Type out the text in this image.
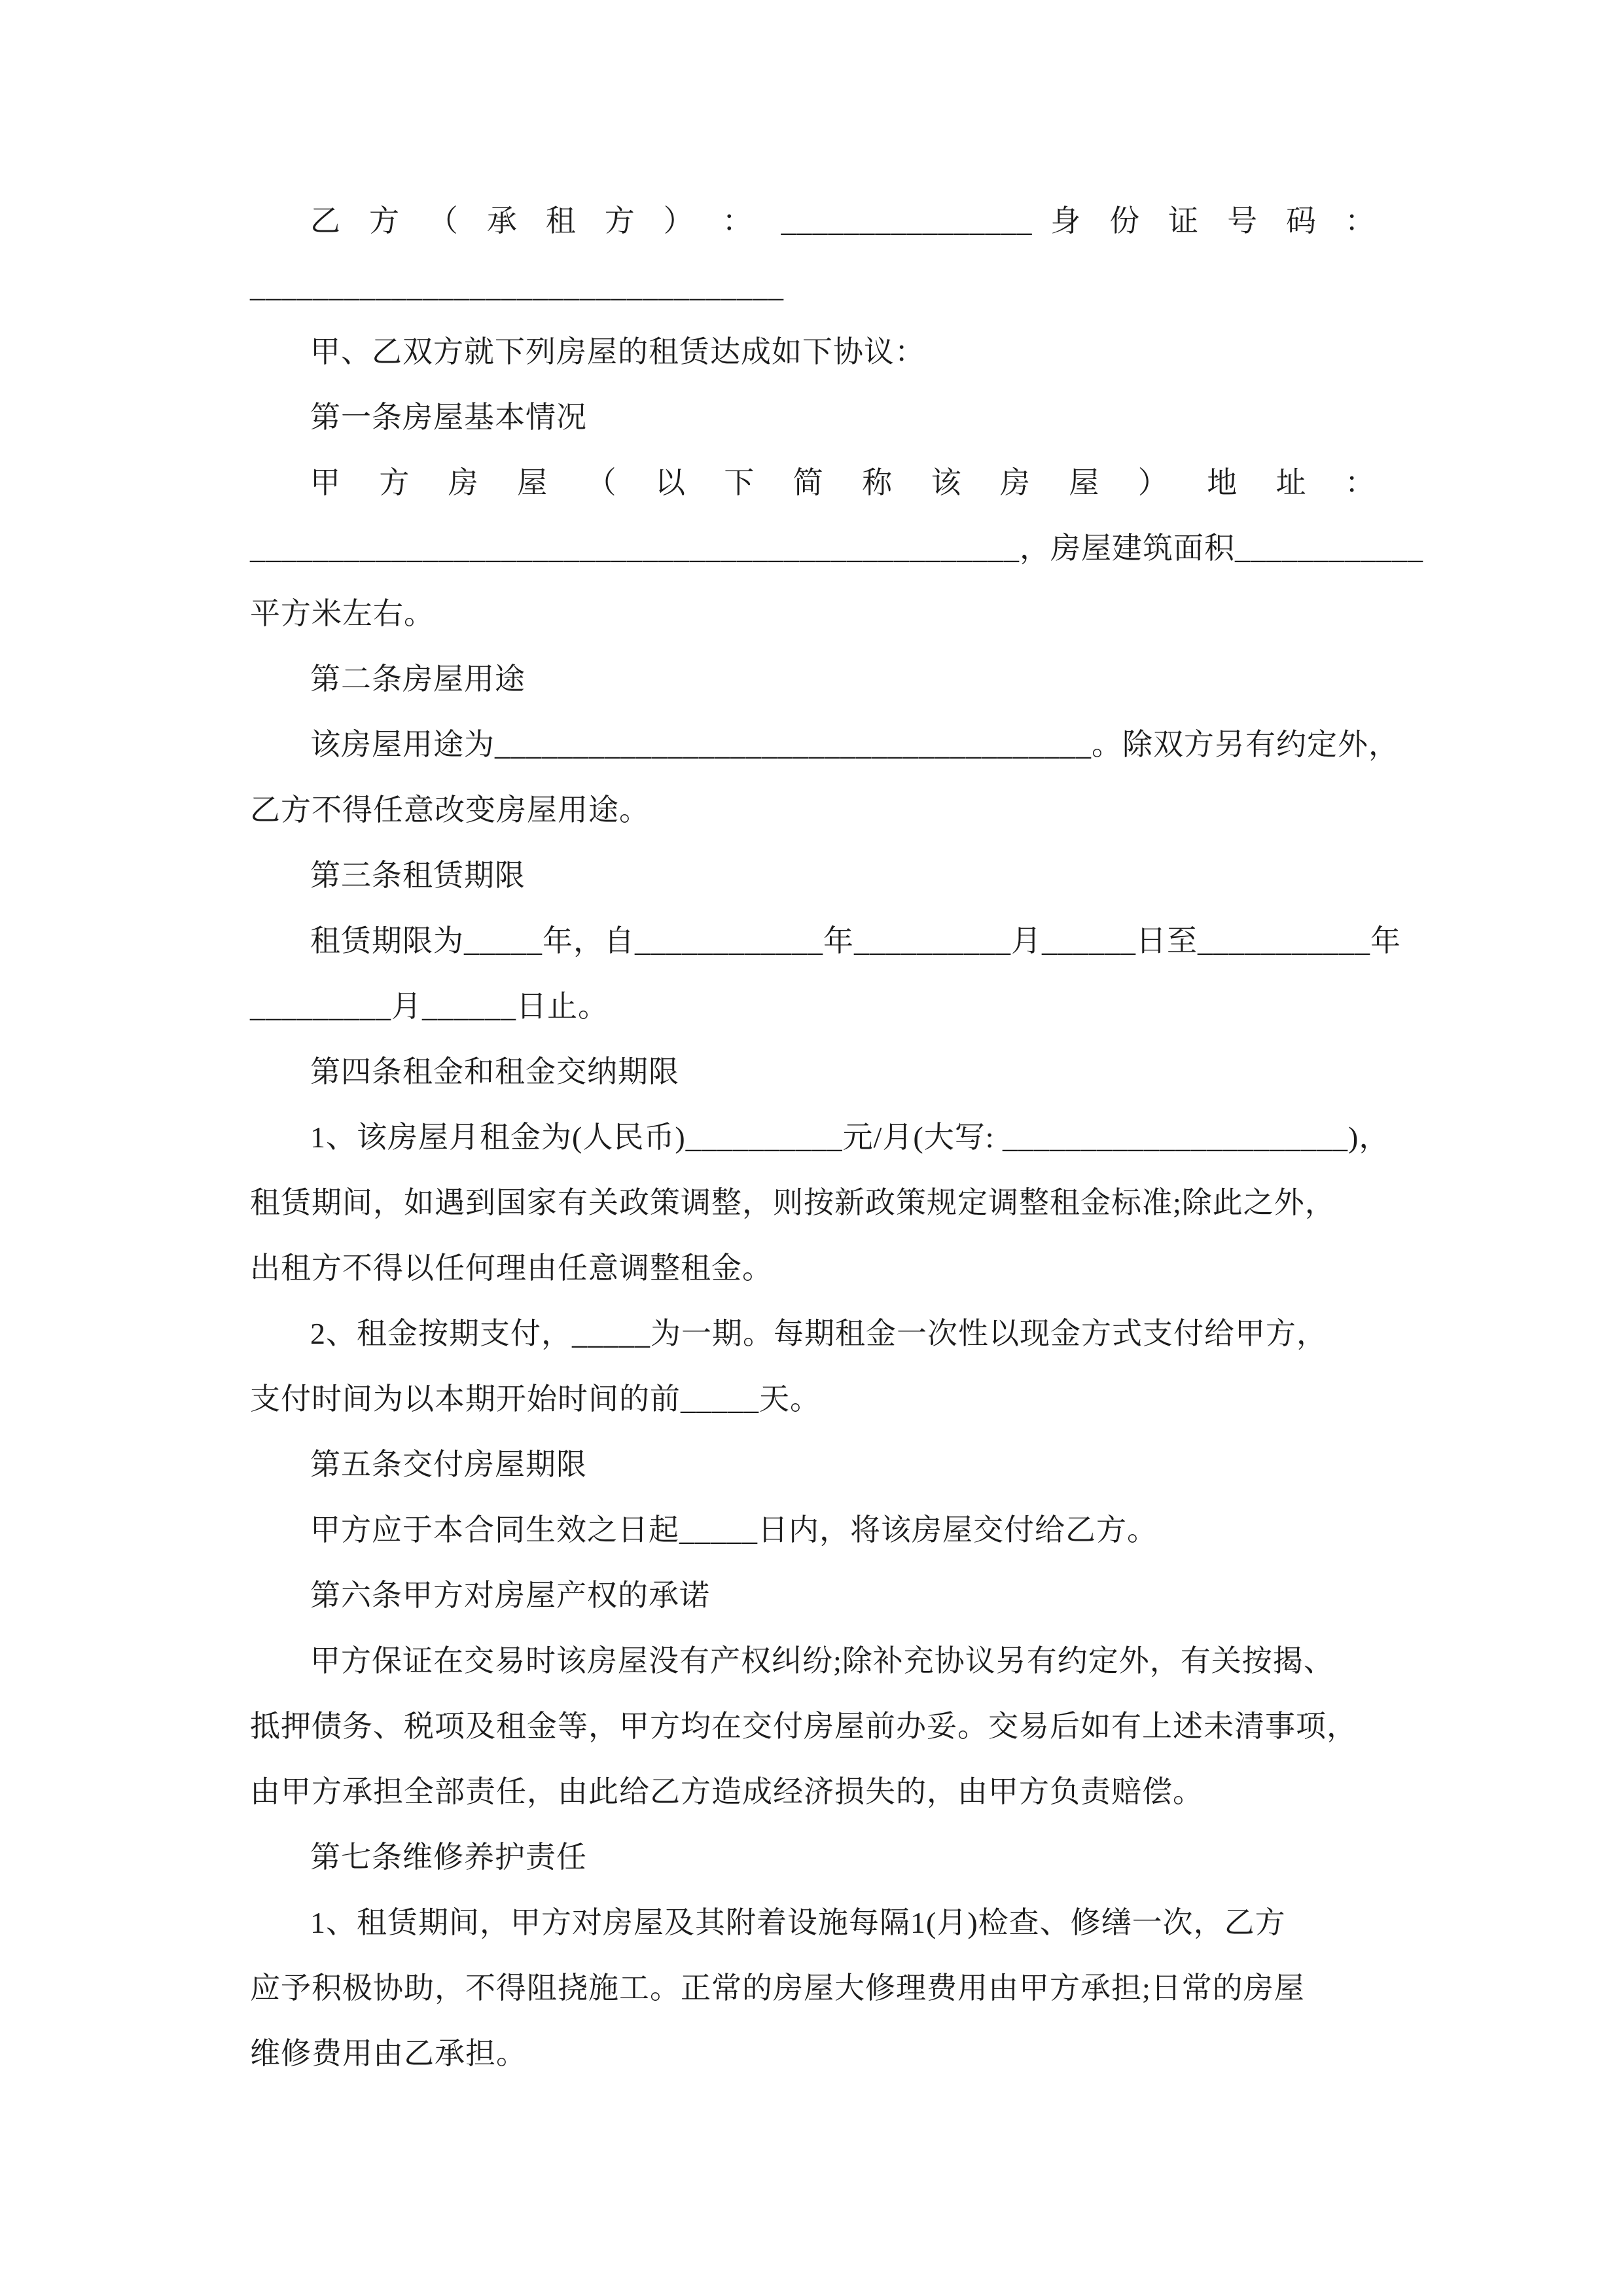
乙 方 （ 承 租 方 ） ： ________________ 身 份 证 号 码 ：

__________________________________

甲、乙双方就下列房屋的租赁达成如下协议：

第一条房屋基本情况

甲 方 房 屋 （ 以 下 简 称 该 房 屋 ） 地 址 ：

_________________________________________________，房屋建筑面积____________

平方米左右。

第二条房屋用途

该房屋用途为______________________________________。除双方另有约定外，

乙方不得任意改变房屋用途。

第三条租赁期限

租赁期限为_____年，自____________年__________月______日至___________年

_________月______日止。

第四条租金和租金交纳期限

1、该房屋月租金为(人民币)__________元/月(大写: ______________________)，

租赁期间，如遇到国家有关政策调整，则按新政策规定调整租金标准;除此之外，

出租方不得以任何理由任意调整租金。

2、租金按期支付，_____为一期。每期租金一次性以现金方式支付给甲方，

支付时间为以本期开始时间的前_____天。

第五条交付房屋期限

甲方应于本合同生效之日起_____日内，将该房屋交付给乙方。

第六条甲方对房屋产权的承诺

甲方保证在交易时该房屋没有产权纠纷;除补充协议另有约定外，有关按揭、

抵押债务、税项及租金等，甲方均在交付房屋前办妥。交易后如有上述未清事项，

由甲方承担全部责任，由此给乙方造成经济损失的，由甲方负责赔偿。

第七条维修养护责任

1、租赁期间，甲方对房屋及其附着设施每隔1(月)检查、修缮一次，乙方

应予积极协助，不得阻挠施工。正常的房屋大修理费用由甲方承担;日常的房屋

维修费用由乙承担。
